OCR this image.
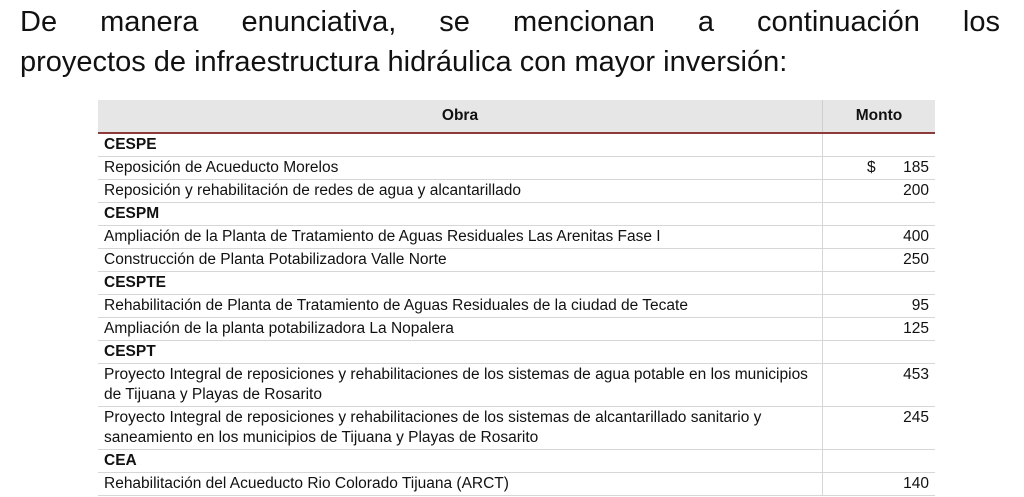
De manera enunciativa, se mencionan a continuación los
proyectos de infraestructura hidráulica con mayor inversión:

Obra	Monto
CESPE	
Reposición de Acueducto Morelos	$ 185
Reposición y rehabilitación de redes de agua y alcantarillado	200
CESPM	
Ampliación de la Planta de Tratamiento de Aguas Residuales Las Arenitas Fase I	400
Construcción de Planta Potabilizadora Valle Norte	250
CESPTE	
Rehabilitación de Planta de Tratamiento de Aguas Residuales de la ciudad de Tecate	95
Ampliación de la planta potabilizadora La Nopalera	125
CESPT	
Proyecto Integral de reposiciones y rehabilitaciones de los sistemas de agua potable en los municipios de Tijuana y Playas de Rosarito	453
Proyecto Integral de reposiciones y rehabilitaciones de los sistemas de alcantarillado sanitario y saneamiento en los municipios de Tijuana y Playas de Rosarito	245
CEA	
Rehabilitación del Acueducto Rio Colorado Tijuana (ARCT)	140
